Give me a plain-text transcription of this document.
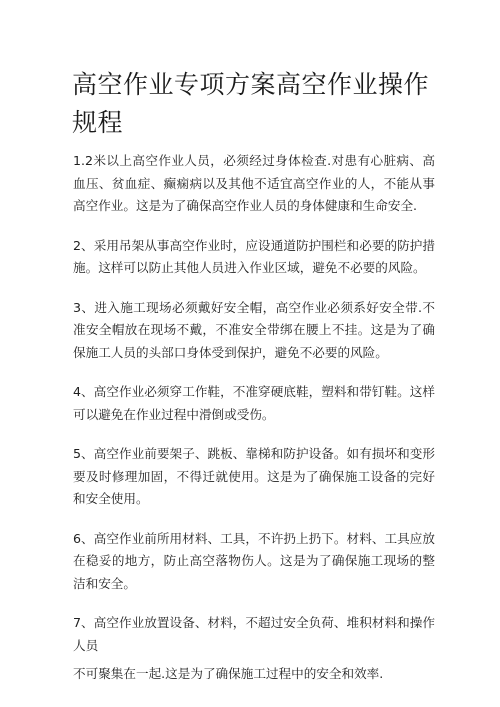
高空作业专项方案高空作业操作规程

1.2米以上高空作业人员，必须经过身体检查.对患有心脏病、高血压、贫血症、癫痫病以及其他不适宜高空作业的人，不能从事高空作业。这是为了确保高空作业人员的身体健康和生命安全.

2、采用吊架从事高空作业时，应设通道防护围栏和必要的防护措施。这样可以防止其他人员进入作业区域，避免不必要的风险。

3、进入施工现场必须戴好安全帽，高空作业必须系好安全带.不准安全帽放在现场不戴，不准安全带绑在腰上不挂。这是为了确保施工人员的头部口身体受到保护，避免不必要的风险。

4、高空作业必须穿工作鞋，不准穿硬底鞋，塑料和带钉鞋。这样可以避免在作业过程中滑倒或受伤。

5、高空作业前要架子、跳板、靠梯和防护设备。如有损坏和变形要及时修理加固，不得迁就使用。这是为了确保施工设备的完好和安全使用。

6、高空作业前所用材料、工具，不许扔上扔下。材料、工具应放在稳妥的地方，防止高空落物伤人。这是为了确保施工现场的整洁和安全。

7、高空作业放置设备、材料，不超过安全负荷、堆积材料和操作人员

不可聚集在一起.这是为了确保施工过程中的安全和效率.
